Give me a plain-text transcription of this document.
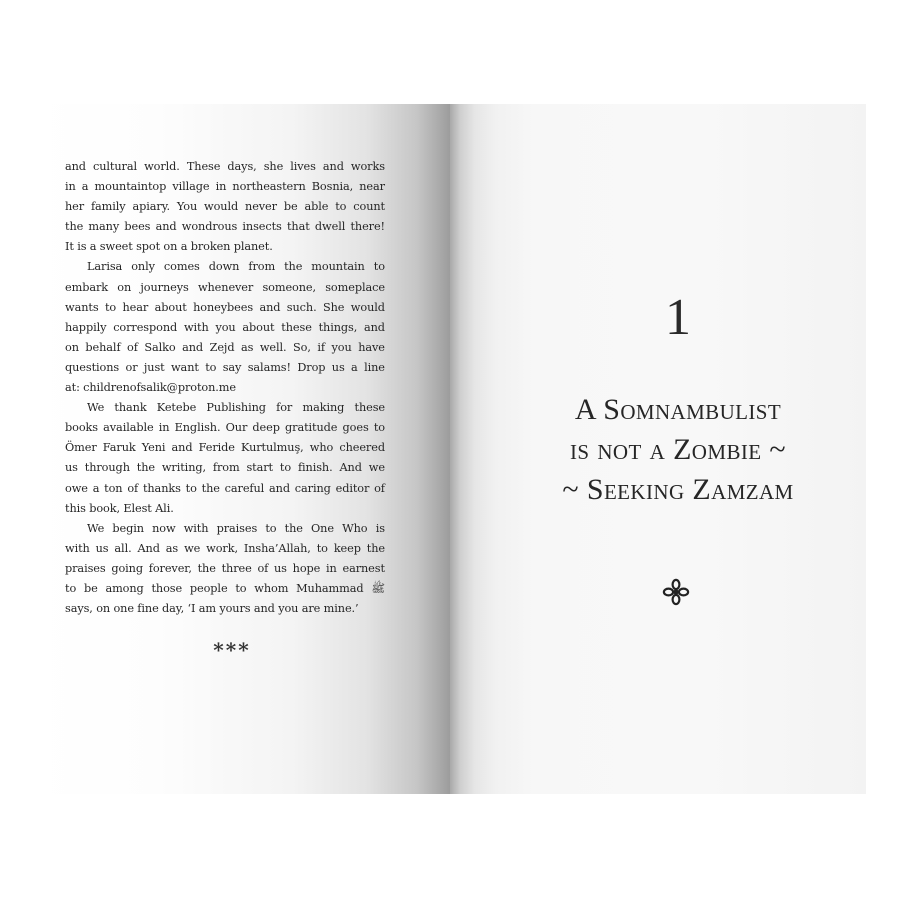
and cultural world. These days, she lives and works
in a mountaintop village in northeastern Bosnia, near
her family apiary. You would never be able to count
the many bees and wondrous insects that dwell there!
It is a sweet spot on a broken planet.
Larisa only comes down from the mountain to
embark on journeys whenever someone, someplace
wants to hear about honeybees and such. She would
happily correspond with you about these things, and
on behalf of Salko and Zejd as well. So, if you have
questions or just want to say salams! Drop us a line
at: childrenofsalik@proton.me
We thank Ketebe Publishing for making these
books available in English. Our deep gratitude goes to
Ömer Faruk Yeni and Feride Kurtulmuş, who cheered
us through the writing, from start to finish. And we
owe a ton of thanks to the careful and caring editor of
this book, Elest Ali.
We begin now with praises to the One Who is
with us all. And as we work, Insha’Allah, to keep the
praises going forever, the three of us hope in earnest
to be among those people to whom Muhammad ﷺ
says, on one fine day, ‘I am yours and you are mine.’
***
1
A Somnambulist
is not a Zombie ~
~ Seeking Zamzam
